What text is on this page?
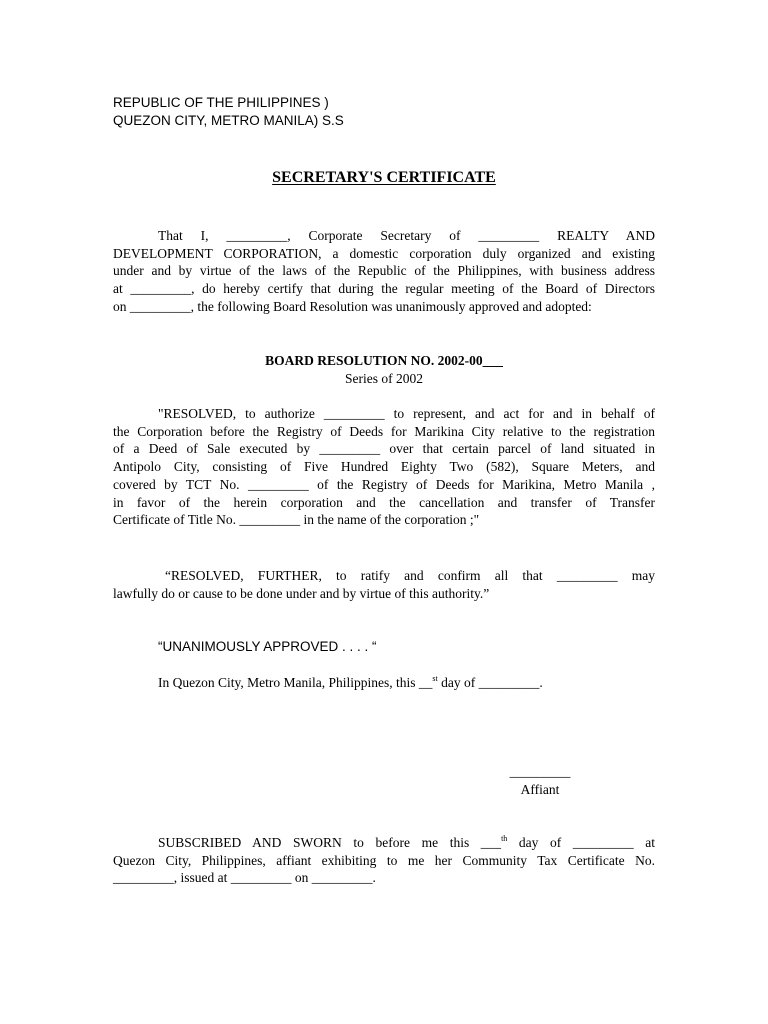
REPUBLIC OF THE PHILIPPINES )
QUEZON CITY, METRO MANILA) S.S
SECRETARY'S CERTIFICATE
That I, _________, Corporate Secretary of _________ REALTY AND
DEVELOPMENT CORPORATION, a domestic corporation duly organized and existing
under and by virtue of the laws of the Republic of the Philippines, with business address
at _________, do hereby certify that during the regular meeting of the Board of Directors
on _________, the following Board Resolution was unanimously approved and adopted:
BOARD RESOLUTION NO. 2002-00___
Series of 2002
"RESOLVED, to authorize _________ to represent, and act for and in behalf of
the Corporation before the Registry of Deeds for Marikina City relative to the registration
of a Deed of Sale executed by _________ over that certain parcel of land situated in
Antipolo City, consisting of Five Hundred Eighty Two (582), Square Meters, and
covered by TCT No. _________ of the Registry of Deeds for Marikina, Metro Manila ,
in favor of the herein corporation and the cancellation and transfer of Transfer
Certificate of Title No. _________ in the name of the corporation ;"
“RESOLVED, FURTHER, to ratify and confirm all that _________ may
lawfully do or cause to be done under and by virtue of this authority.”
“UNANIMOUSLY APPROVED . . . . “
In Quezon City, Metro Manila, Philippines, this __$^{st}$ day of _________.
_________
Affiant
SUBSCRIBED AND SWORN to before me this ___$^{th}$ day of _________ at
Quezon City, Philippines, affiant exhibiting to me her Community Tax Certificate No.
_________, issued at _________ on _________.
